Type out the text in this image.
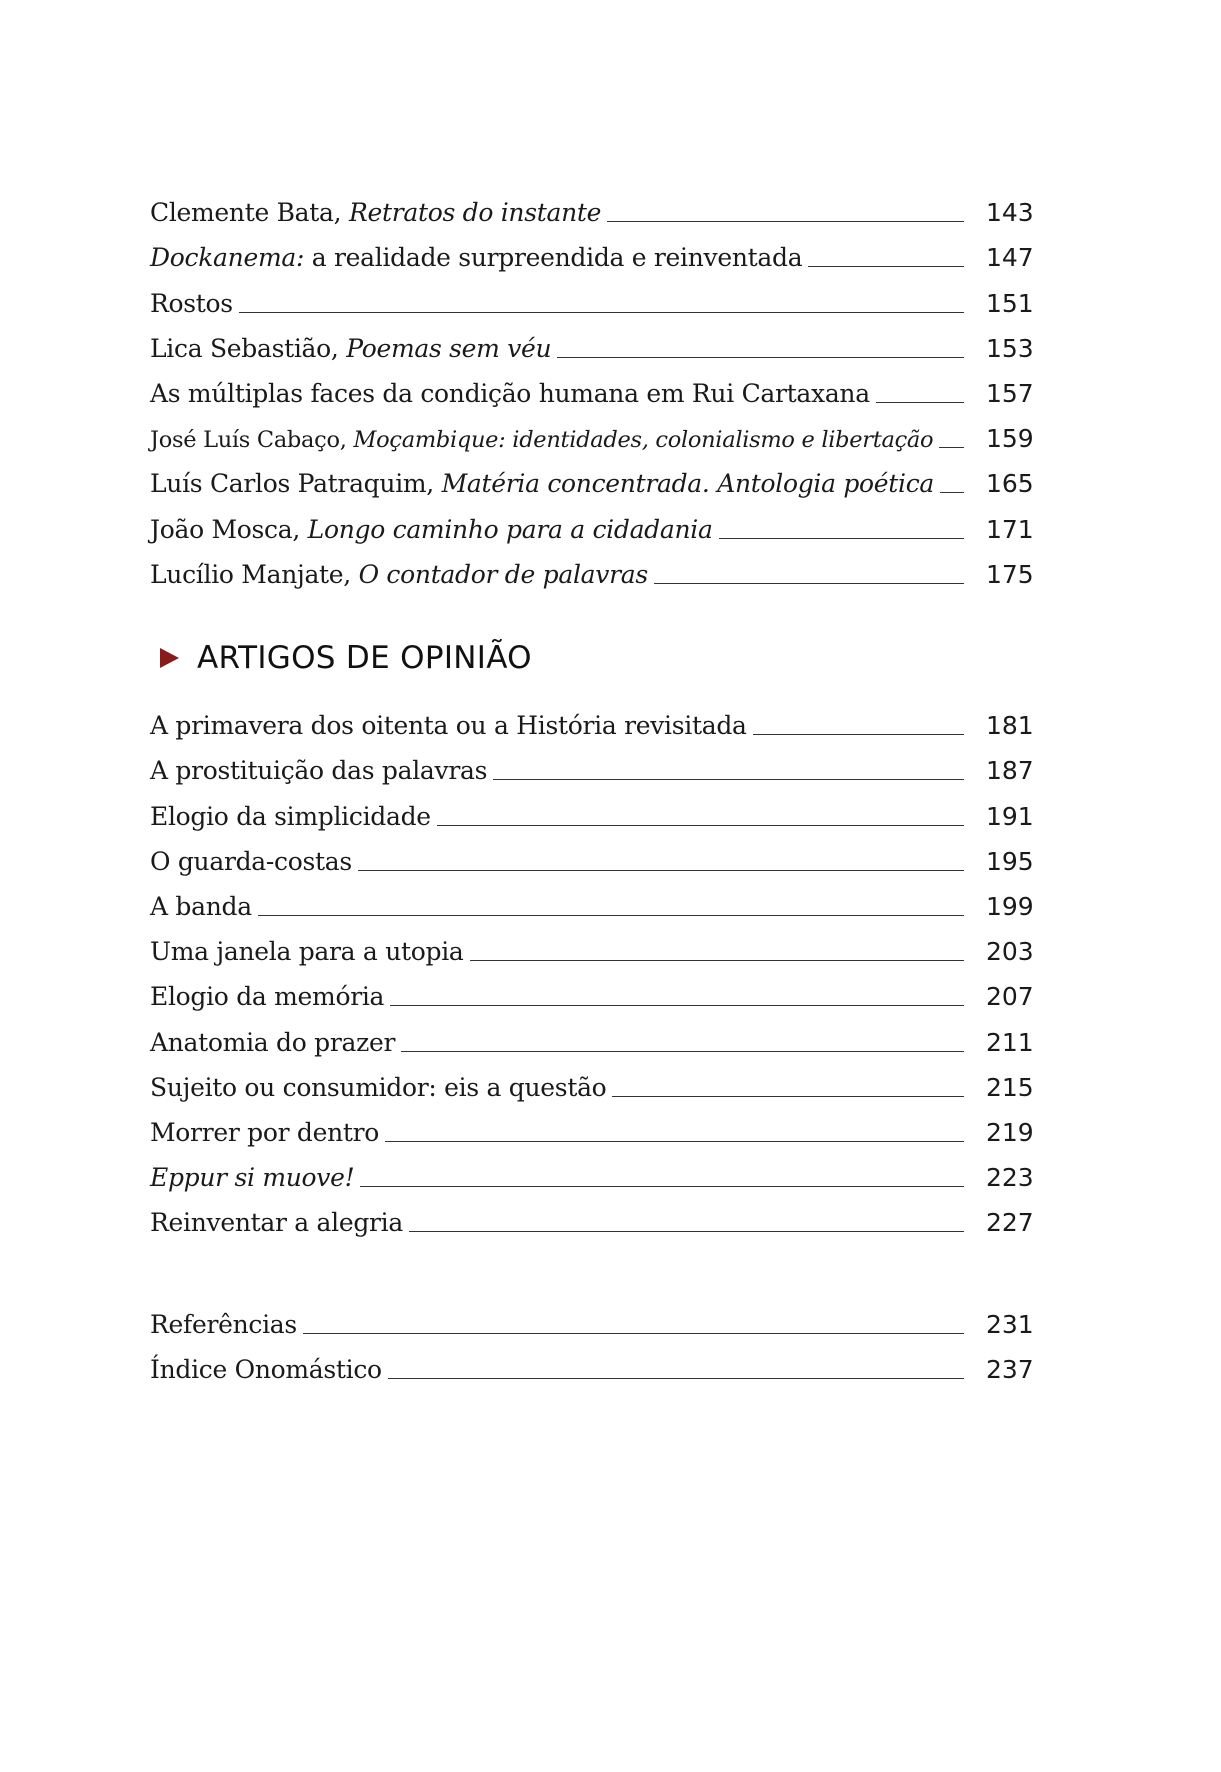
Clemente Bata, Retratos do instante	143
Dockanema: a realidade surpreendida e reinventada	147
Rostos	151
Lica Sebastião, Poemas sem véu	153
As múltiplas faces da condição humana em Rui Cartaxana	157
José Luís Cabaço, Moçambique: identidades, colonialismo e libertação 159
Luís Carlos Patraquim, Matéria concentrada. Antologia poética 165
João Mosca, Longo caminho para a cidadania	171
Lucílio Manjate, O contador de palavras	175
ARTIGOS DE OPINIÃO
A primavera dos oitenta ou a História revisitada	181
A prostituição das palavras	187
Elogio da simplicidade	191
O guarda-costas	195
A banda	199
Uma janela para a utopia	203
Elogio da memória	207
Anatomia do prazer	211
Sujeito ou consumidor: eis a questão	215
Morrer por dentro	219
Eppur si muove!	223
Reinventar a alegria	227
Referências	231
Índice Onomástico	237
